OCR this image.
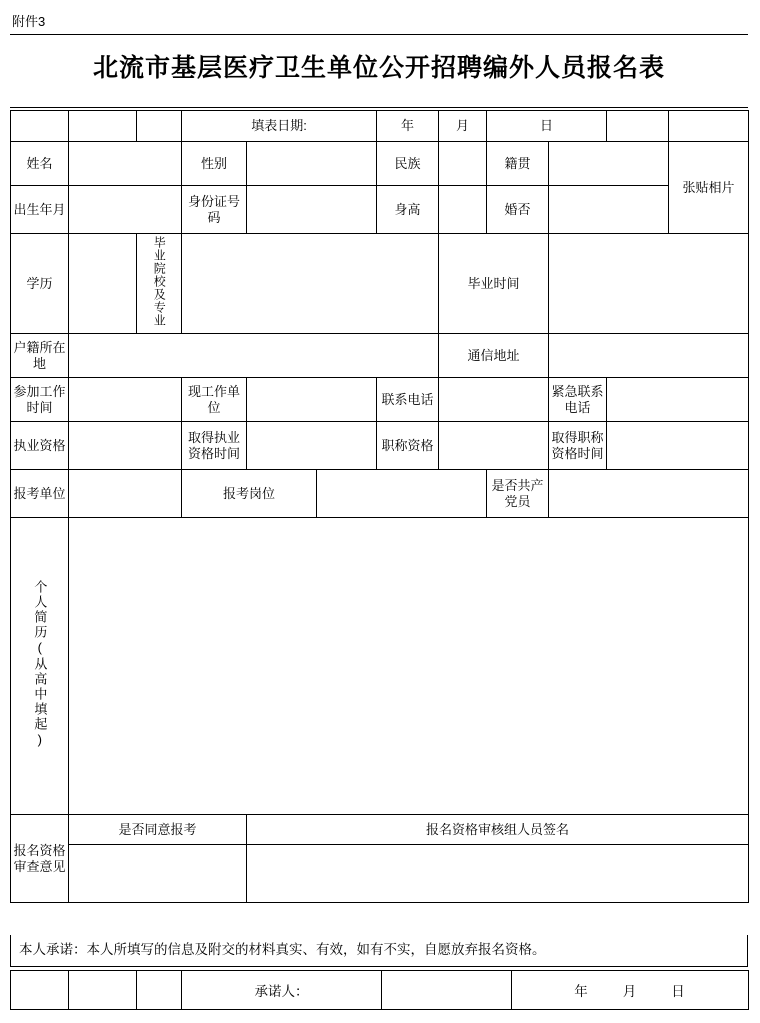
附件3
北流市基层医疗卫生单位公开招聘编外人员报名表
			填表日期:			年	月	日			
姓名			性别			民族		籍贯			张贴相片
出生年月			身份证号码			身高		婚否			
学历		毕业院校及专业					毕业时间				
户籍所在地							通信地址				
参加工作时间			现工作单位			联系电话			紧急联系电话		
执业资格			取得执业资格时间			职称资格			取得职称资格时间		
报考单位			报考岗位					是否共产党员			
个人简历(从高中填起)											
报名资格审查意见	是否同意报考			报名资格审核组人员签名							

本人承诺：本人所填写的信息及附交的材料真实、有效，如有不实，自愿放弃报名资格。
			承诺人：		年	月	日
